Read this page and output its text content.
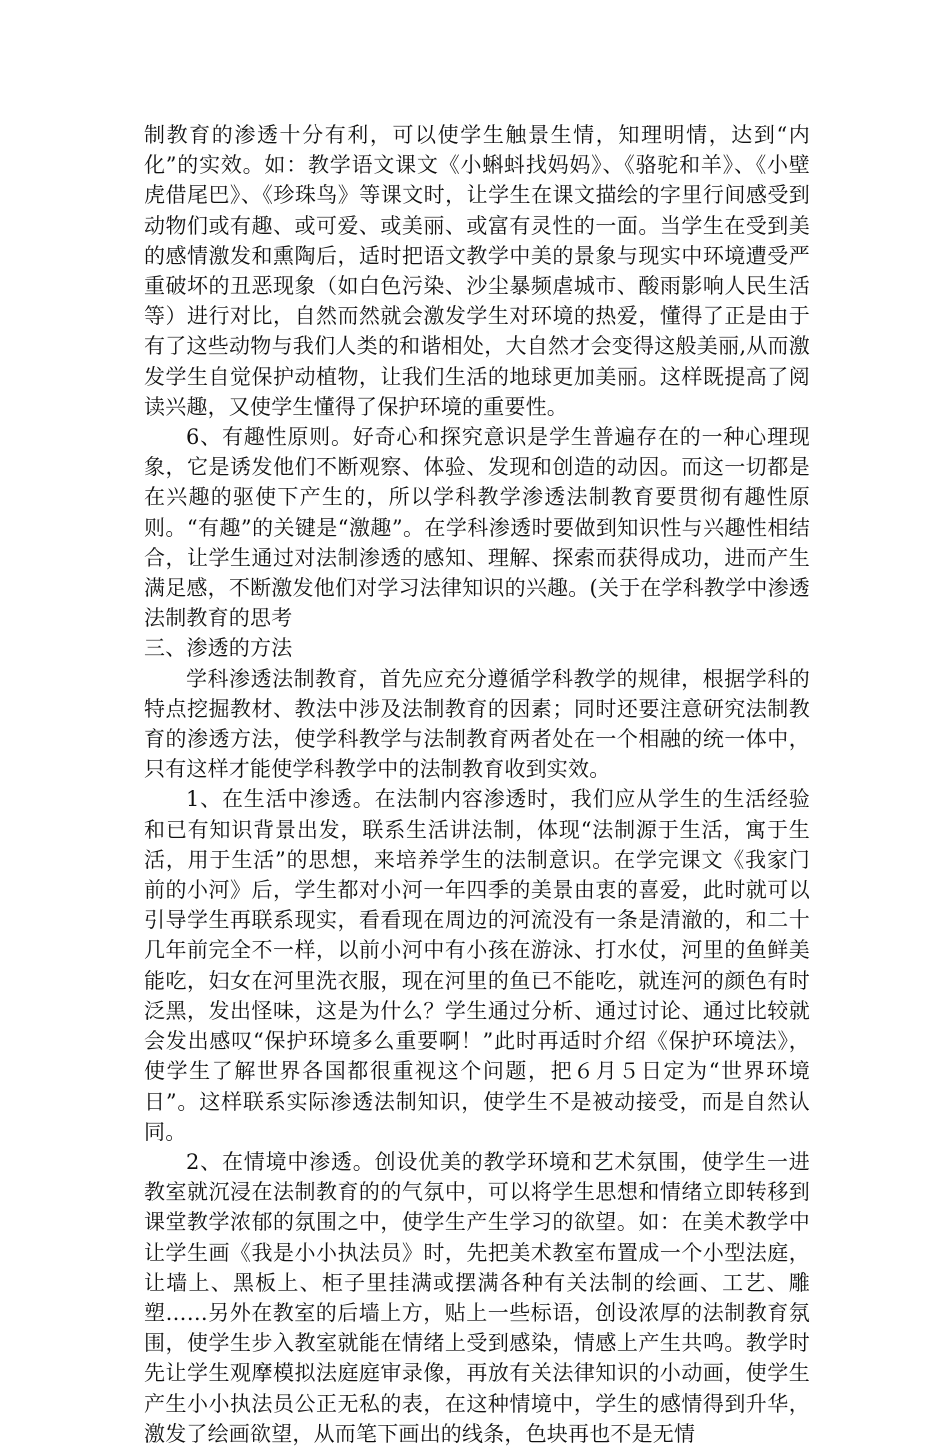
制教育的渗透十分有利，可以使学生触景生情，知理明情，达到“内化”的实效。如：教学语文课文《小蝌蚪找妈妈》、《骆驼和羊》、《小壁虎借尾巴》、《珍珠鸟》等课文时，让学生在课文描绘的字里行间感受到动物们或有趣、或可爱、或美丽、或富有灵性的一面。当学生在受到美的感情激发和熏陶后，适时把语文教学中美的景象与现实中环境遭受严重破坏的丑恶现象（如白色污染、沙尘暴频虐城市、酸雨影响人民生活等）进行对比，自然而然就会激发学生对环境的热爱，懂得了正是由于有了这些动物与我们人类的和谐相处，大自然才会变得这般美丽,从而激发学生自觉保护动植物，让我们生活的地球更加美丽。这样既提高了阅读兴趣，又使学生懂得了保护环境的重要性。

6、有趣性原则。好奇心和探究意识是学生普遍存在的一种心理现象，它是诱发他们不断观察、体验、发现和创造的动因。而这一切都是在兴趣的驱使下产生的，所以学科教学渗透法制教育要贯彻有趣性原则。“有趣”的关键是“激趣”。在学科渗透时要做到知识性与兴趣性相结合，让学生通过对法制渗透的感知、理解、探索而获得成功，进而产生满足感，不断激发他们对学习法律知识的兴趣。(关于在学科教学中渗透法制教育的思考

三、渗透的方法

学科渗透法制教育，首先应充分遵循学科教学的规律，根据学科的特点挖掘教材、教法中涉及法制教育的因素；同时还要注意研究法制教育的渗透方法，使学科教学与法制教育两者处在一个相融的统一体中，只有这样才能使学科教学中的法制教育收到实效。

1、在生活中渗透。在法制内容渗透时，我们应从学生的生活经验和已有知识背景出发，联系生活讲法制，体现“法制源于生活，寓于生活，用于生活”的思想，来培养学生的法制意识。在学完课文《我家门前的小河》后，学生都对小河一年四季的美景由衷的喜爱，此时就可以引导学生再联系现实，看看现在周边的河流没有一条是清澈的，和二十几年前完全不一样，以前小河中有小孩在游泳、打水仗，河里的鱼鲜美能吃，妇女在河里洗衣服，现在河里的鱼已不能吃，就连河的颜色有时泛黑，发出怪味，这是为什么？学生通过分析、通过讨论、通过比较就会发出感叹“保护环境多么重要啊！”此时再适时介绍《保护环境法》，使学生了解世界各国都很重视这个问题，把６月５日定为“世界环境日”。这样联系实际渗透法制知识，使学生不是被动接受，而是自然认同。

2、在情境中渗透。创设优美的教学环境和艺术氛围，使学生一进教室就沉浸在法制教育的的气氛中，可以将学生思想和情绪立即转移到课堂教学浓郁的氛围之中，使学生产生学习的欲望。如：在美术教学中让学生画《我是小小执法员》时，先把美术教室布置成一个小型法庭，让墙上、黑板上、柜子里挂满或摆满各种有关法制的绘画、工艺、雕塑……另外在教室的后墙上方，贴上一些标语，创设浓厚的法制教育氛围，使学生步入教室就能在情绪上受到感染，情感上产生共鸣。教学时先让学生观摩模拟法庭庭审录像，再放有关法律知识的小动画，使学生产生小小执法员公正无私的表，在这种情境中，学生的感情得到升华，激发了绘画欲望，从而笔下画出的线条，色块再也不是无情
